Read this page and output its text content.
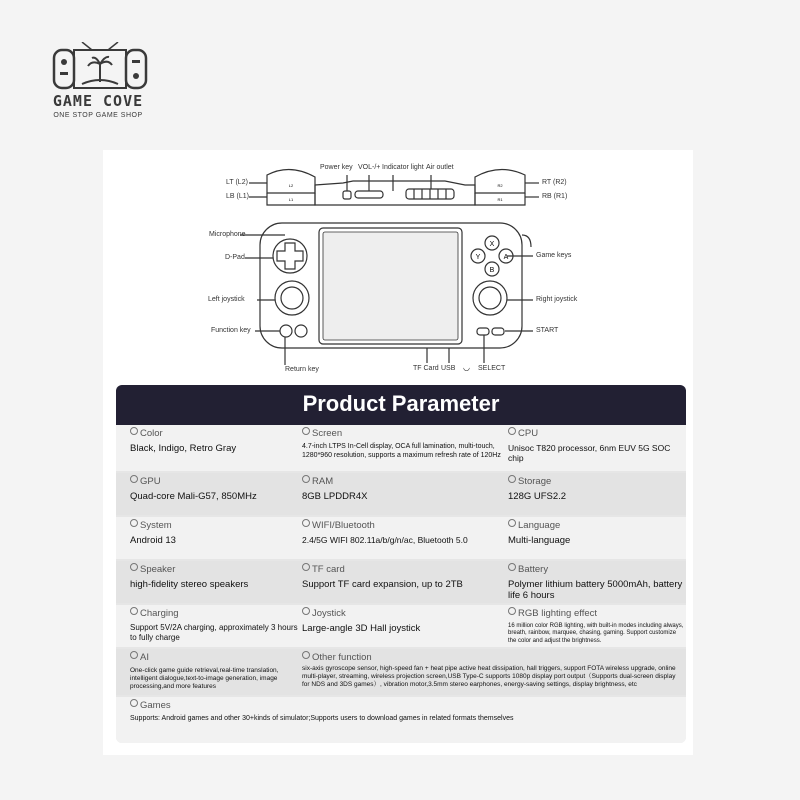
GAME COVE
ONE STOP GAME SHOP
X
Y	A
B
L2
L1
R2
R1
Power key VOL-/+ Indicator light Air outlet
LT (L2)
LB (L1)
RT (R2)
RB (R1)
Microphone
D-Pad	Game keys
Left joystick	Right joystick
Function key	START
Return key	TF Card USB ◡ SELECT
Product Parameter
Color
Black, Indigo, Retro Gray
Screen
4.7-inch LTPS In-Cell display, OCA full lamination, multi-touch, 1280*960 resolution, supports a maximum refresh rate of 120Hz
CPU
Unisoc T820 processor, 6nm EUV 5G SOC chip
GPU
Quad-core Mali-G57, 850MHz
RAM
8GB LPDDR4X
Storage
128G UFS2.2
System
Android 13
WIFI/Bluetooth
2.4/5G WIFI 802.11a/b/g/n/ac, Bluetooth 5.0
Language
Multi-language
Speaker
high-fidelity stereo speakers
TF card
Support TF card expansion, up to 2TB
Battery
Polymer lithium battery 5000mAh, battery life 6 hours
Charging
Support 5V/2A charging, approximately 3 hours to fully charge
Joystick
Large-angle 3D Hall joystick
RGB lighting effect
16 million color RGB lighting, with built-in modes including always, breath, rainbow, marquee, chasing, gaming. Support customize the color and adjust the brightness.
AI
One-click game guide retrieval,real-time translation, intelligent dialogue,text-to-image generation, image processing,and more features
Other function
six-axis gyroscope sensor, high-speed fan + heat pipe active heat dissipation, hall triggers, support FOTA wireless upgrade, online multi-player, streaming, wireless projection screen,USB Type-C supports 1080p display port output（Supports dual-screen display for NDS and 3DS games）, vibration motor,3.5mm stereo earphones, energy-saving settings, display brightness, etc
Games
Supports: Android games and other 30+kinds of simulator;Supports users to download games in related formats themselves
